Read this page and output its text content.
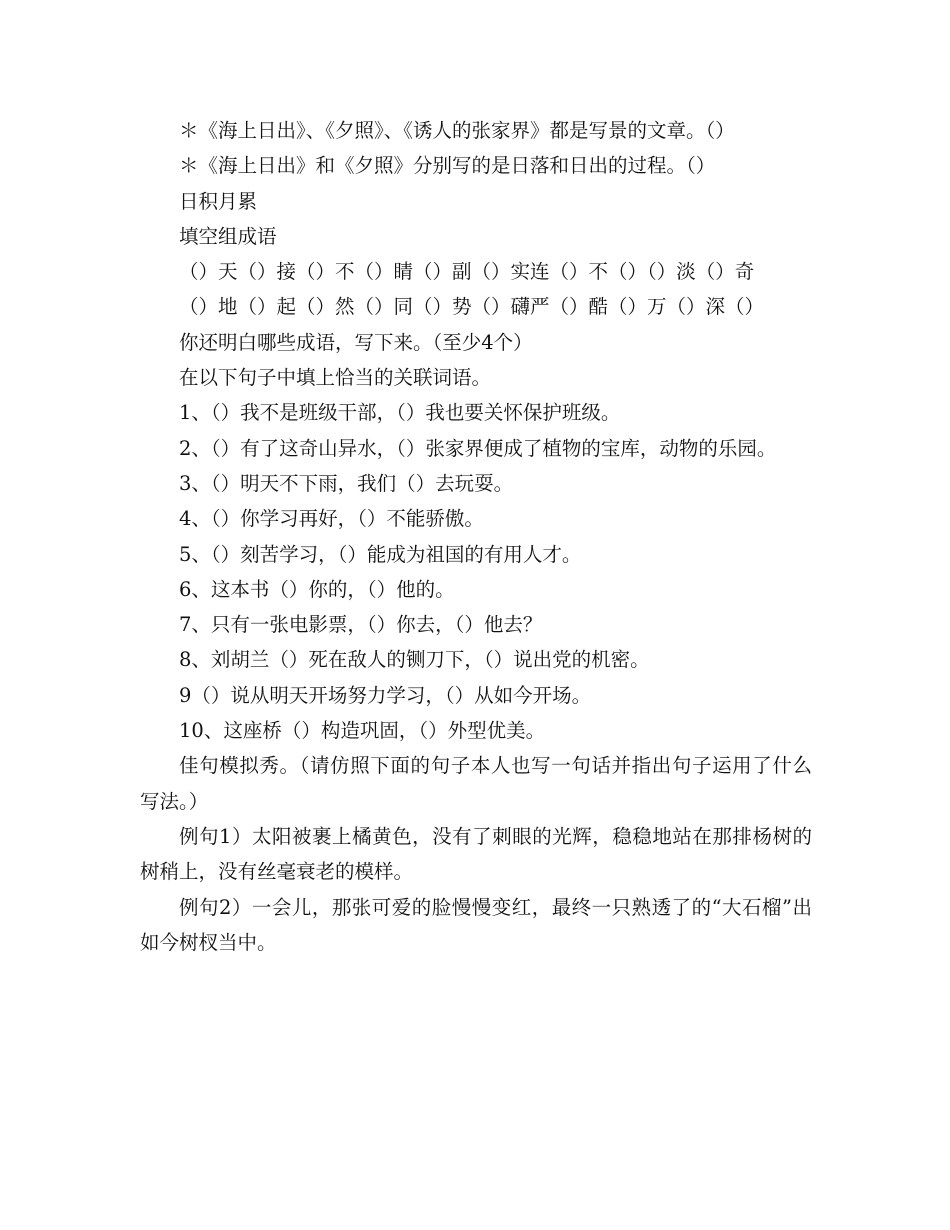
＊《海上日出》、《夕照》、《诱人的张家界》都是写景的文章。（）

＊《海上日出》和《夕照》分别写的是日落和日出的过程。（）

日积月累

填空组成语

（）天（）接（）不（）睛（）副（）实连（）不（）（）淡（）奇

（）地（）起（）然（）同（）势（）礴严（）酷（）万（）深（）

你还明白哪些成语，写下来。（至少4个）

在以下句子中填上恰当的关联词语。

1、（）我不是班级干部，（）我也要关怀保护班级。

2、（）有了这奇山异水，（）张家界便成了植物的宝库，动物的乐园。

3、（）明天不下雨，我们（）去玩耍。

4、（）你学习再好，（）不能骄傲。

5、（）刻苦学习，（）能成为祖国的有用人才。

6、这本书（）你的，（）他的。

7、只有一张电影票，（）你去，（）他去？

8、刘胡兰（）死在敌人的铡刀下，（）说出党的机密。

9（）说从明天开场努力学习，（）从如今开场。

10、这座桥（）构造巩固，（）外型优美。

佳句模拟秀。（请仿照下面的句子本人也写一句话并指出句子运用了什么写法。）

例句1）太阳被裹上橘黄色，没有了刺眼的光辉，稳稳地站在那排杨树的树稍上，没有丝毫衰老的模样。

例句2）一会儿，那张可爱的脸慢慢变红，最终一只熟透了的“大石榴”出如今树杈当中。
